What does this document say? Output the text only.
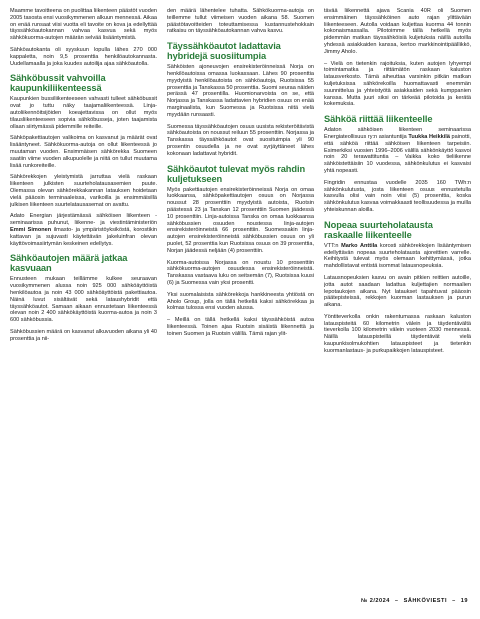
Maamme tavoitteena on puolittaa liikenteen päästöt vuoden 2005 tasosta ensi vuosikymmenen alkuun mennessä. Aikaa on enää runsaat viisi vuotta eli tavoite on kova ja edellyttää täyssähköautokannan vahvaa kasvua sekä myös sähkökuorma-autojen määrän selvää lisääntymistä.

Sähköautokanta oli syyskuun lopulla lähes 270 000 kappaletta, noin 9,5 prosenttia henkilöautokannasta. Uudellamaalla ja joka kuudes autoilija ajaa sähköautolla.

Sähköbussit vahvoilla kaupunkiliikenteessä

Kaupunkien bussiliikenteeseen vahvasti tulleet sähköbussit ovat jo tuttu näky taajamaliikenteessä. Linja-autoliikennöitsijöiden koeajettavissa on ollut myös tilausliikenteeseen sopivia sähköbusseja, joten taajamista ollaan siirtymässä pidemmille reiteille.

Sähköpakettiautojen valikoima on kasvanut ja määrät ovat lisääntyneet. Sähkökuorma-autoja on ollut liikenteessä jo muutaman vuoden. Ensimmäisen sähkörekka Suomeen saatiin viime vuoden alkupuolelle ja niitä on tullut muutama lisää runkoreiteille.

Sähkörekkojen yleistymistä jarruttaa vielä raskaan liikenteen julkisten suurteholatausasemien puute. Olemassa olevan sähkörekkakannan latauksen hoidetaan vielä pääosin terminaaleissa, varikoilla ja ensimmäisillä julkisen liikenteen suurtelatausasemat on avattu.

Adato Energian järjestämässä sähköisen liikenteen -seminaarissa puhunut, liikenne- ja viestintäministeriön Emmi Simonen ilmasto- ja ympäristöyksiköstä, korostikin kattavan ja sujuvasti käytettävän jakeluinfran olevan käyttövoimasiirtymän keskeinen edellytys.

Sähköautojen määrä jatkaa kasvuaan

Ennusteen mukaan teillämme kulkee seuraavan vuosikymmenen alussa noin 925 000 sähköäyttöistä henkilöautoa ja noin 43 000 sähköäyttöistä pakettiautoa. Näinä luvut sisältävät sekä lataushybridit että täyssähköautot. Samaan aikaan ennustetaan liikenteessä olevan noin 2 400 sähkökäyttöistä kuorma-autoa ja noin 3 600 sähköbussia.

Sähköbussien määrä on kasvanut alkuvuoden aikana yli 40 prosenttia ja nii-

den määrä lähentelee tuhatta. Sähkökuorma-autoja on teillemme tullut viimeisen vuoden aikana 58. Suomen päästötavoitteiden toteuttamisessa kustannustehokkain ratkaisu on täyssähköautokannan vahva kasvu.

Täyssähköautot ladattavia hybridejä suosiitumpia

Sähköisten ajoneuvojen ensirekisteröinneissä Norja on henkilöautoissa omassa luokassaan. Lähes 90 prosenttia myydyistä henkilöautoista on sähköautoja, Ruotsissa 55 prosenttia ja Tanskassa 50 prosenttia. Suomi seuraa näiden perässä 47 prosentilla. Huomionarvoista on se, että Norjassa ja Tanskassa ladattavien hybridien osuus on enää marginaalista, kun Suomessa ja Ruotsissa niitä vielä myydään runsaasti.

Suomessa täyssähköautojen osuus uusista rekisteröitävistä sähköautoista on noussut reiluun 55 prosenttiin. Norjassa ja Tanskassa täyssähköautot ovat suosituimpia yli 90 prosentin osuudella ja ne ovat syrjäyttäneet lähes kokonaan ladattavat hybridit.

Sähköautot tulevat myös rahdin kuljetukseen

Myös pakettiautojen ensirekisteröinneissä Norja on omaa luokkaansa, sähköpakettiautojen osuus on Norjassa noussut 28 prosenttiin myydyistä autoista, Ruotsin päästessä 23 ja Tanskan 12 prosenttiin Suomen jäädessä 10 prosenttiin. Linja-autoissa Tanska on omaa luokkaansa sähköbussien osuuden noustessa linja-autojen ensirekisteröinneistä 66 prosenttiin. Suomessakin linja-autojen ensirekisteröinneistä sähköbussien osuus on yli puolet, 52 prosenttia kun Ruotsissa osuus on 39 prosenttia, Norjan jäädessä neljään (4) prosenttiin.

Kuorma-autoissa Norjassa on noustu 10 prosenttiin sähkökuorma-autojen osuudessa ensirekisteröinneistä. Tanskassa vastaava luku on seitsemän (7), Ruotsissa kuusi (6) ja Suomessa vain yksi prosentti.

Yksi suomalaisista sähkörekkoja hankkineesta yhtiöstä on Aholo Group, jolla on tällä hetkellä kaksi sähkörekkaa ja kolmas tulossa ensi vuoden alussa.

– Meillä on tällä hetkellä kaksi täyssähköistä autoa liikenteessä. Toinen ajaa Ruotsin sisäistä liikennettä ja toinen Suomen ja Ruotsin välillä. Tämä rajan ylit-

tävää liikennettä ajava Scania 40R oli Suomen ensimmäinen täyssähköinen auto rajan ylittävään liikenteeseen. Autolla voidaan kuljettaa kuorma 44 tonnin kokonaismassalla. Pilotoimme tällä hetkellä myös pidemmän matkan täyssähköisiä kuljetuksia näillä autoilla yhdessä asiakkaiden kanssa, kertoo markkinointipäällikkö, Jimmy Aholo.

– Vielä on tietenkin rajoituksia, kuten autojen lyhyempi toimintamatka ja riittämätön raskaan kaluston latausverkosto. Tämä aiheuttaa varsinkin pitkän matkan kuljetuksissa sähkörekoilla huomattavasti enemmän suunnittelua ja yhteistyötä asiakkaiden sekä kumppanien kanssa. Mutta juuri siksi on tärkeää pilotoida ja kerätä kokemuksia.

Sähköä riittää liikenteelle

Adaton sähköisen liikenteen seminaarissa Energiateollisuus ry:n asiantuntija Tuukka Heikkilä painotti, että sähköä riittää sähköisen liikenteen tarpeisiin. Esimerkiksi vuosien 1996–2006 välillä sähkönkäyttö kasvoi noin 20 terawattituntia – Vaikka koko tieliikenne sähköistettäisiin 10 vuodessa, sähkönkulutus ei kasvaisi yhtä nopeasti.

Fingridin ennustaa vuodelle 2035 160 TWh:n sähkönkulutusta, josta liikenteen osuus ennustetulla kasvulla olisi vain noin viisi (5) prosenttia, koska sähkönkulutus kasvaa voimakkaasti teollisuudessa ja muilla yhteiskunnan aloilla.

Nopeaa suurteholatausta raskaalle liikenteelle

VTT:n Marko Anttila korosti sähkörekkojen lisääntymisen edellyttävän nopeaa suurteholatausta ajoreittien varrelle. Keihitystä tulevat myös olemaan kehittymässä, jotka mahdollistavat entistä isommat latausnopeuksia.

Latausnopeuksien kasvu on avain pitkien reittien autoille, jotta autot saadaan ladattua kuljettajien normaalien lepotaukojen aikana. Nyt lataukset tapahtuvat pääosin päätepisteissä, rekkojen kuorman lastauksen ja purun aikana.

Yöntiteverkolla onkin rakentumassa raskaan kaluston latauspisteitä 60 kilometrin välein ja täydentävältä tieverkolla 100 kilometrin välein vuoteen 2030 mennessä. Näillä latauspisteillä täydentävät vielä kaupunkisolmukohtien latauspisteet ja tietenkin kuormanlastaus- ja purkupaikkojen latauspisteet.

№ 2/2024 – SÄHKÖVIESTI – 19
